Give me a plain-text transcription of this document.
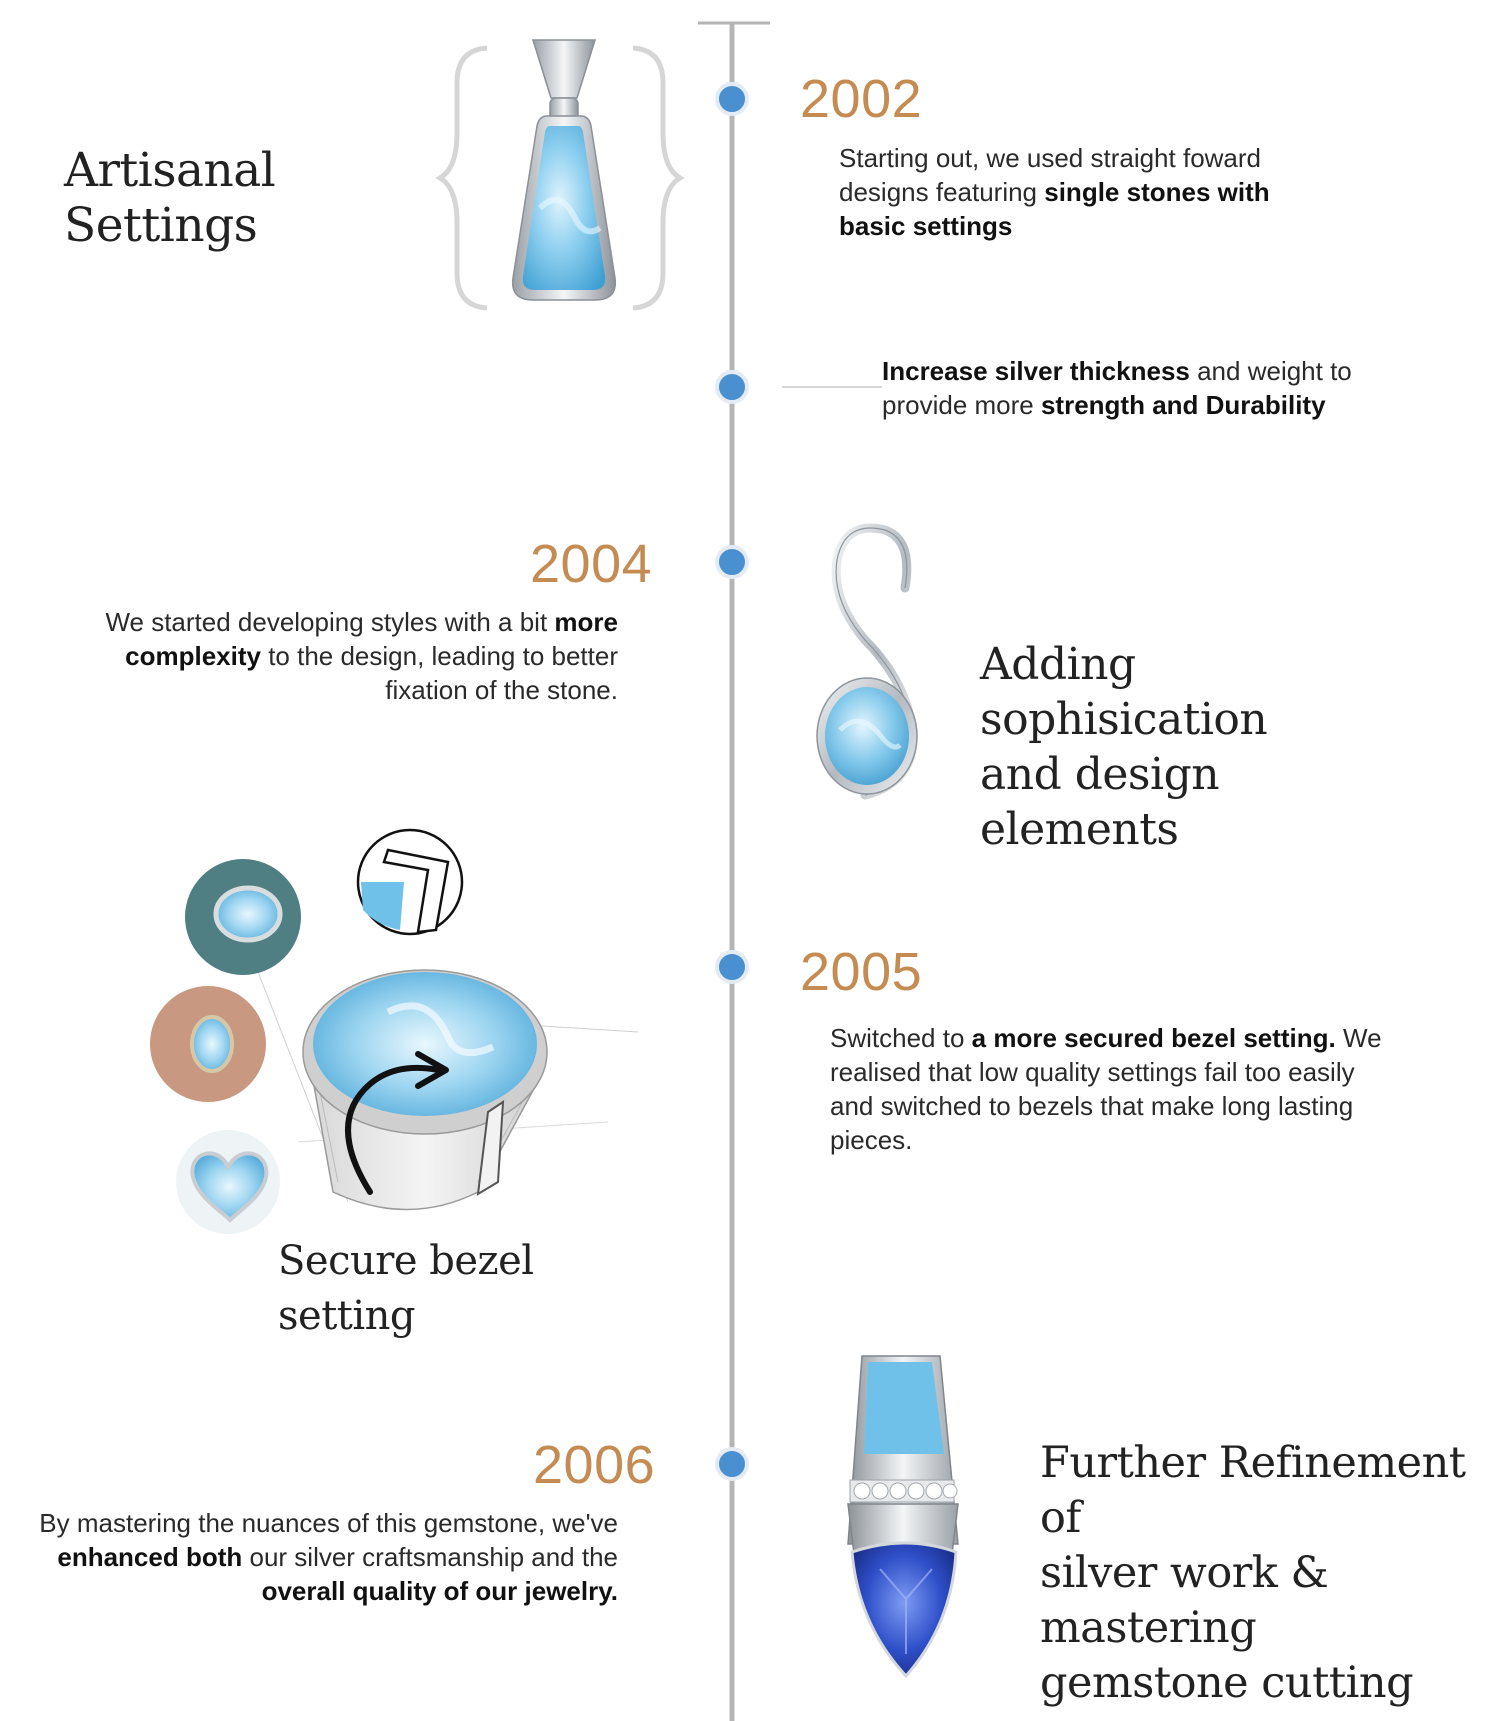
Artisanal Settings
2002

Starting out, we used straight foward designs featuring single stones with basic settings

Increase silver thickness and weight to provide more strength and Durability

2004

We started developing styles with a bit more complexity to the design, leading to better fixation of the stone.	Adding sophisication
and design elements
2005

Switched to a more secured bezel setting. We realised that low quality settings fail too easily and switched to bezels that make long lasting pieces.

Secure bezel setting
2006

By mastering the nuances of this gemstone, we've enhanced both our silver craftsmanship and the overall quality of our jewelry.

Further Refinement of
silver work & mastering
gemstone cutting
